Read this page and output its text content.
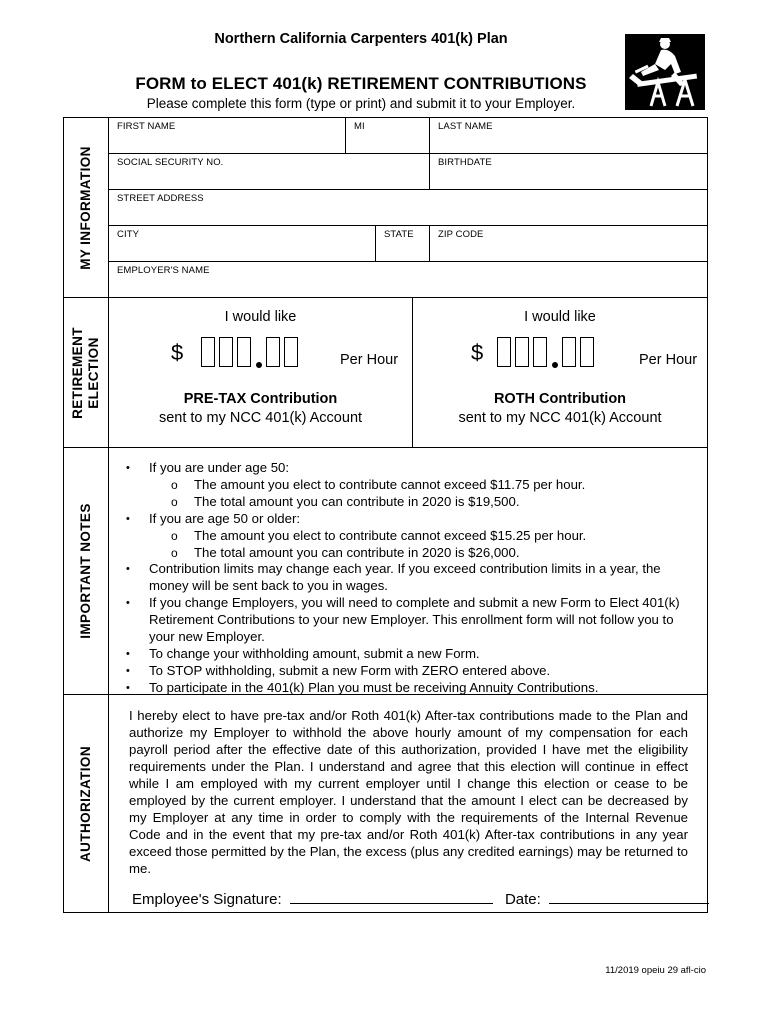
Northern California Carpenters 401(k) Plan
FORM to ELECT 401(k) RETIREMENT CONTRIBUTIONS
Please complete this form (type or print) and submit it to your Employer.
MY INFORMATION
FIRST NAME	MI	LAST NAME
SOCIAL SECURITY NO.	BIRTHDATE
STREET ADDRESS
CITY	STATE	ZIP CODE
EMPLOYER'S NAME
RETIREMENT ELECTION
I would like
$	Per Hour
PRE-TAX Contribution
sent to my NCC 401(k) Account
I would like
$	Per Hour
ROTH Contribution
sent to my NCC 401(k) Account
IMPORTANT NOTES
• If you are under age 50:
o The amount you elect to contribute cannot exceed $11.75 per hour.
o The total amount you can contribute in 2020 is $19,500.
• If you are age 50 or older:
o The amount you elect to contribute cannot exceed $15.25 per hour.
o The total amount you can contribute in 2020 is $26,000.
• Contribution limits may change each year. If you exceed contribution limits in a year, the money will be sent back to you in wages.
• If you change Employers, you will need to complete and submit a new Form to Elect 401(k) Retirement Contributions to your new Employer. This enrollment form will not follow you to your new Employer.
• To change your withholding amount, submit a new Form.
• To STOP withholding, submit a new Form with ZERO entered above.
• To participate in the 401(k) Plan you must be receiving Annuity Contributions.
AUTHORIZATION
I hereby elect to have pre-tax and/or Roth 401(k) After-tax contributions made to the Plan and authorize my Employer to withhold the above hourly amount of my compensation for each payroll period after the effective date of this authorization, provided I have met the eligibility requirements under the Plan. I understand and agree that this election will continue in effect while I am employed with my current employer until I change this election or cease to be employed by the current employer. I understand that the amount I elect can be decreased by my Employer at any time in order to comply with the requirements of the Internal Revenue Code and in the event that my pre-tax and/or Roth 401(k) After-tax contributions in any year exceed those permitted by the Plan, the excess (plus any credited earnings) may be returned to me.
Employee's Signature:	Date:
11/2019 opeiu 29 afl-cio
